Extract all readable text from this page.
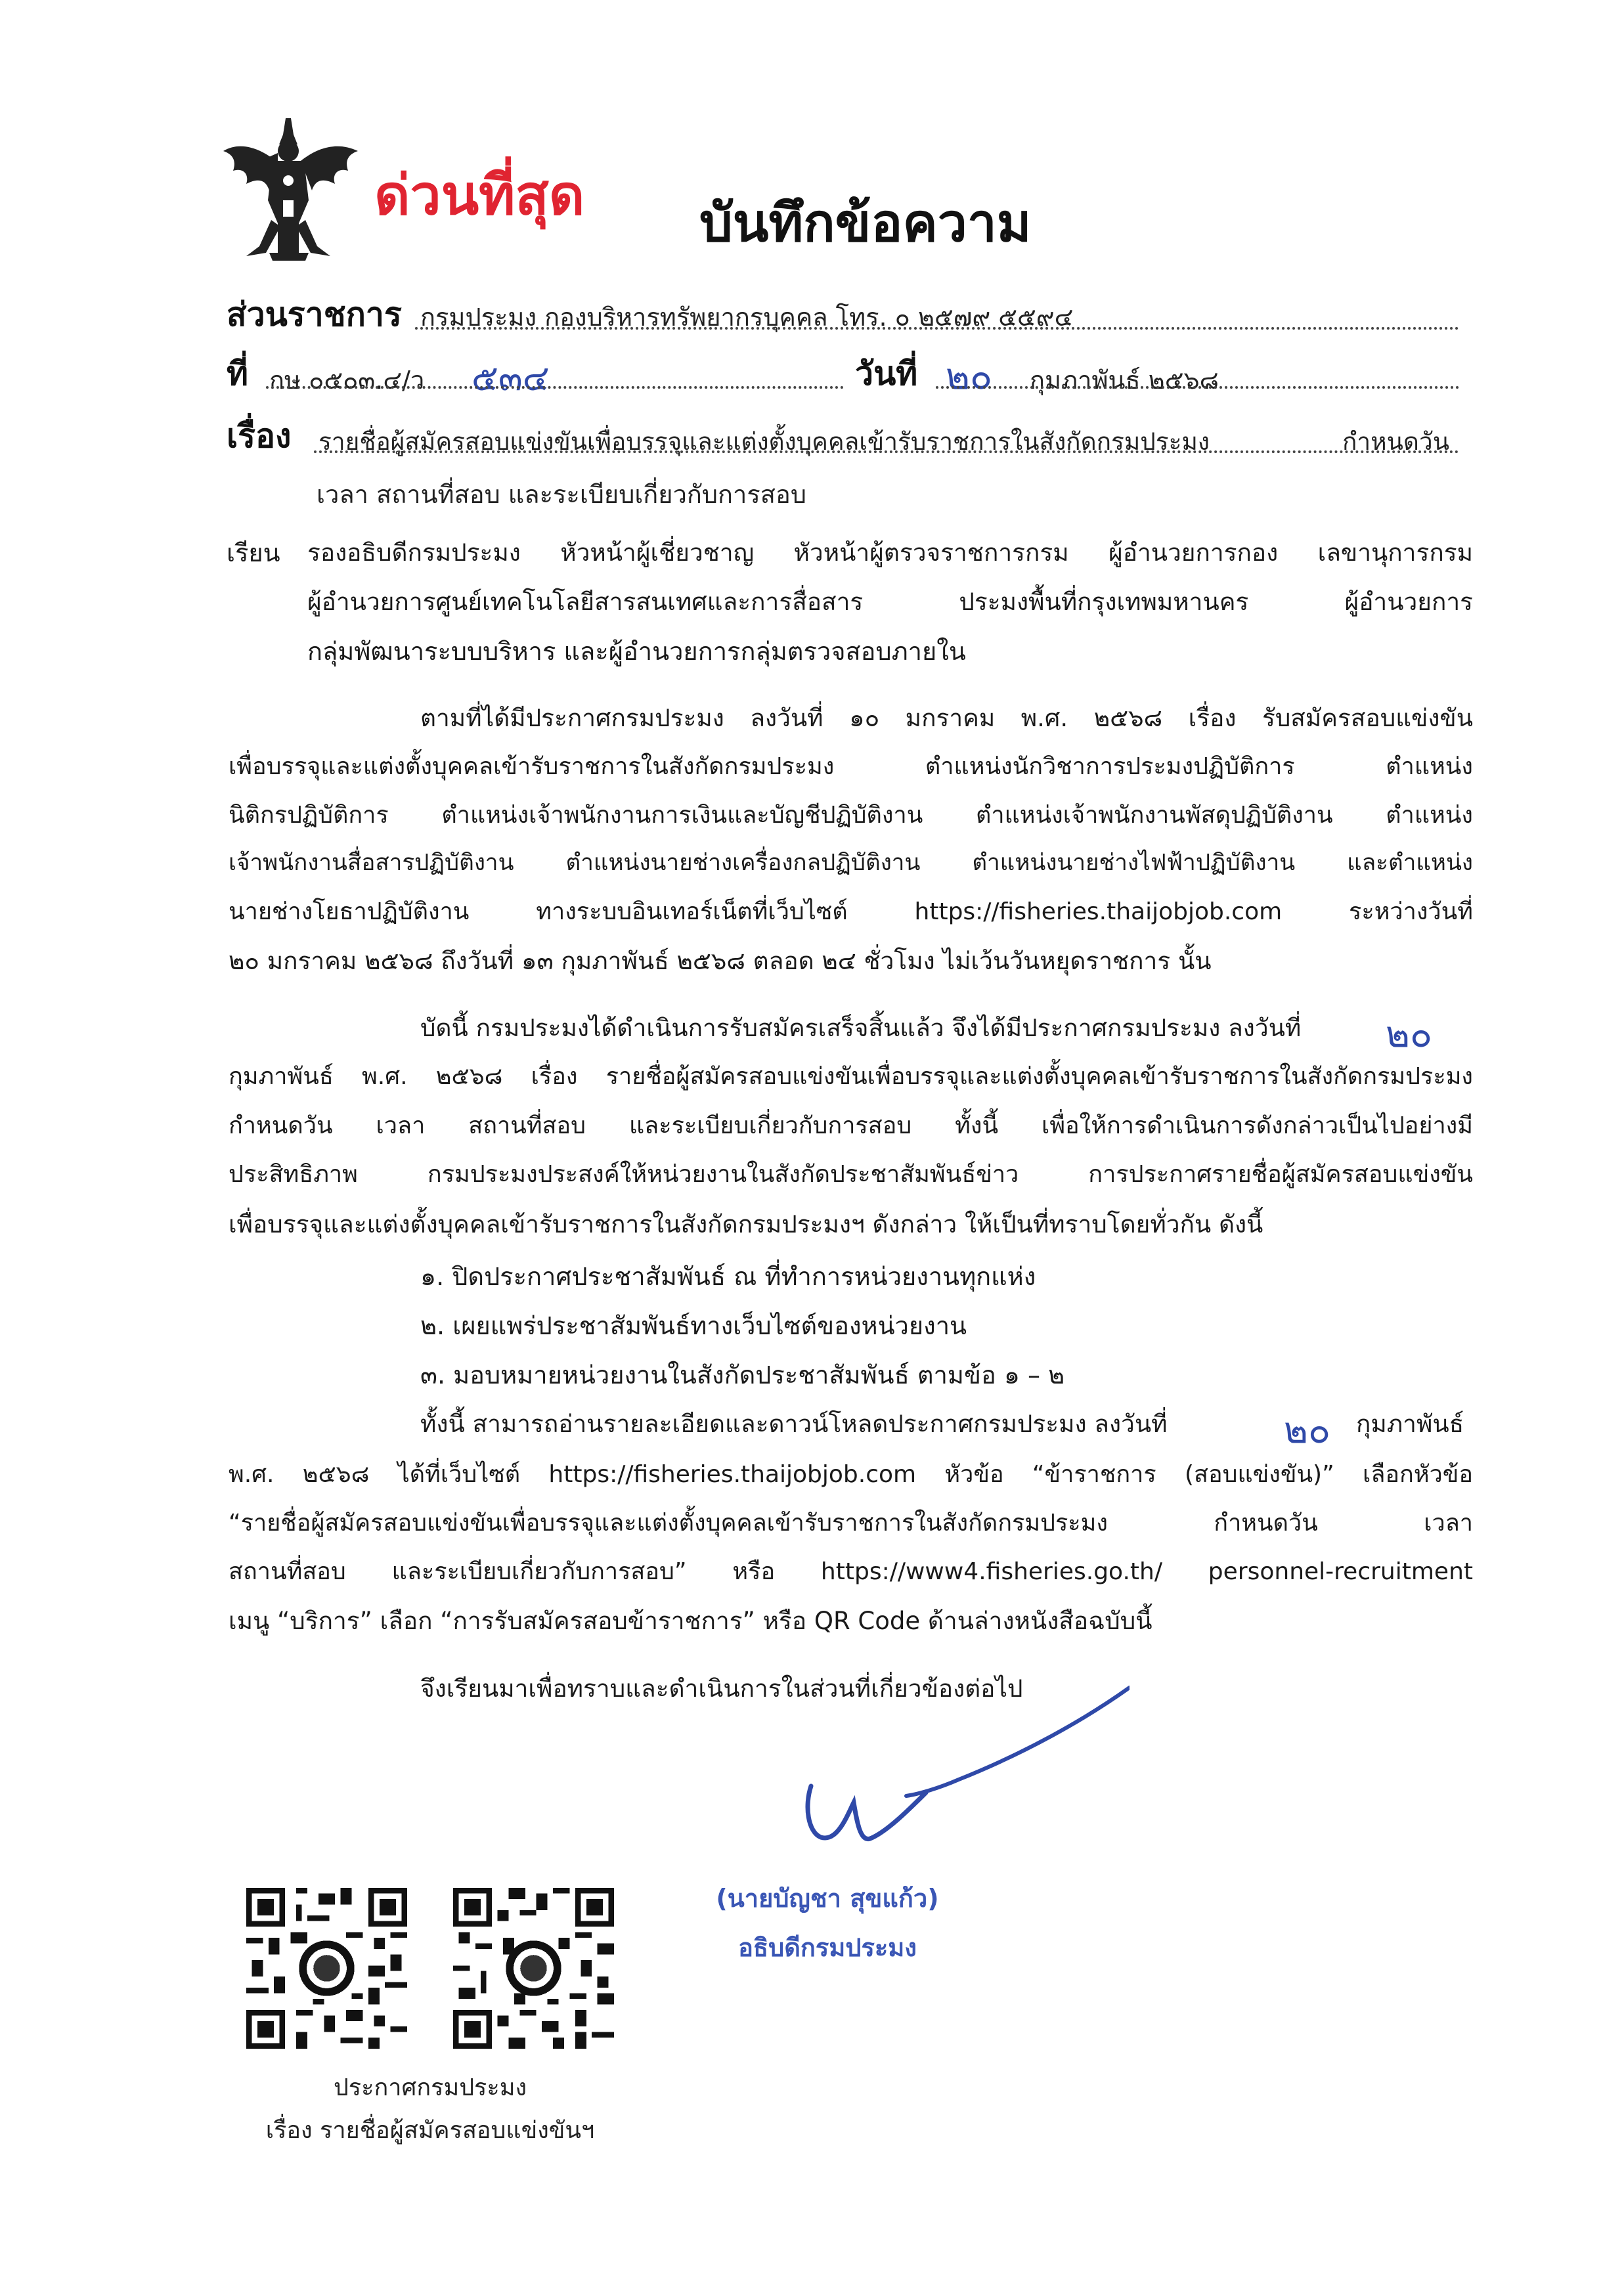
ด่วนที่สุด บันทึกข้อความ
ส่วนราชการ กรมประมง กองบริหารทรัพยากรบุคคล โทร. ๐ ๒๕๗๙ ๕๕๙๔
ที่ กษ ๐๕๐๓.๔/ว ๕๓๔	วันที่ ๒๐ กุมภาพันธ์ ๒๕๖๘
เรื่อง รายชื่อผู้สมัครสอบแข่งขันเพื่อบรรจุและแต่งตั้งบุคคลเข้ารับราชการในสังกัดกรมประมง กำหนดวัน
เวลา สถานที่สอบ และระเบียบเกี่ยวกับการสอบ
เรียน รองอธิบดีกรมประมง หัวหน้าผู้เชี่ยวชาญ หัวหน้าผู้ตรวจราชการกรม ผู้อำนวยการกอง เลขานุการกรม
ผู้อำนวยการศูนย์เทคโนโลยีสารสนเทศและการสื่อสาร ประมงพื้นที่กรุงเทพมหานคร ผู้อำนวยการ
กลุ่มพัฒนาระบบบริหาร และผู้อำนวยการกลุ่มตรวจสอบภายใน
ตามที่ได้มีประกาศกรมประมง ลงวันที่ ๑๐ มกราคม พ.ศ. ๒๕๖๘ เรื่อง รับสมัครสอบแข่งขัน
เพื่อบรรจุและแต่งตั้งบุคคลเข้ารับราชการในสังกัดกรมประมง ตำแหน่งนักวิชาการประมงปฏิบัติการ ตำแหน่ง
นิติกรปฏิบัติการ ตำแหน่งเจ้าพนักงานการเงินและบัญชีปฏิบัติงาน ตำแหน่งเจ้าพนักงานพัสดุปฏิบัติงาน ตำแหน่ง
เจ้าพนักงานสื่อสารปฏิบัติงาน ตำแหน่งนายช่างเครื่องกลปฏิบัติงาน ตำแหน่งนายช่างไฟฟ้าปฏิบัติงาน และตำแหน่ง
นายช่างโยธาปฏิบัติงาน ทางระบบอินเทอร์เน็ตที่เว็บไซต์ https://fisheries.thaijobjob.com ระหว่างวันที่
๒๐ มกราคม ๒๕๖๘ ถึงวันที่ ๑๓ กุมภาพันธ์ ๒๕๖๘ ตลอด ๒๔ ชั่วโมง ไม่เว้นวันหยุดราชการ นั้น
บัดนี้ กรมประมงได้ดำเนินการรับสมัครเสร็จสิ้นแล้ว จึงได้มีประกาศกรมประมง ลงวันที่ ๒๐
กุมภาพันธ์ พ.ศ. ๒๕๖๘ เรื่อง รายชื่อผู้สมัครสอบแข่งขันเพื่อบรรจุและแต่งตั้งบุคคลเข้ารับราชการในสังกัดกรมประมง
กำหนดวัน เวลา สถานที่สอบ และระเบียบเกี่ยวกับการสอบ ทั้งนี้ เพื่อให้การดำเนินการดังกล่าวเป็นไปอย่างมี
ประสิทธิภาพ กรมประมงประสงค์ให้หน่วยงานในสังกัดประชาสัมพันธ์ข่าว การประกาศรายชื่อผู้สมัครสอบแข่งขัน
เพื่อบรรจุและแต่งตั้งบุคคลเข้ารับราชการในสังกัดกรมประมงฯ ดังกล่าว ให้เป็นที่ทราบโดยทั่วกัน ดังนี้
๑. ปิดประกาศประชาสัมพันธ์ ณ ที่ทำการหน่วยงานทุกแห่ง
๒. เผยแพร่ประชาสัมพันธ์ทางเว็บไซต์ของหน่วยงาน
๓. มอบหมายหน่วยงานในสังกัดประชาสัมพันธ์ ตามข้อ ๑ – ๒
ทั้งนี้ สามารถอ่านรายละเอียดและดาวน์โหลดประกาศกรมประมง ลงวันที่	๒๐ กุมภาพันธ์
พ.ศ. ๒๕๖๘ ได้ที่เว็บไซต์ https://fisheries.thaijobjob.com หัวข้อ “ข้าราชการ (สอบแข่งขัน)” เลือกหัวข้อ
“รายชื่อผู้สมัครสอบแข่งขันเพื่อบรรจุและแต่งตั้งบุคคลเข้ารับราชการในสังกัดกรมประมง กำหนดวัน เวลา
สถานที่สอบ และระเบียบเกี่ยวกับการสอบ” หรือ https://www4.fisheries.go.th/ personnel-recruitment
เมนู “บริการ” เลือก “การรับสมัครสอบข้าราชการ” หรือ QR Code ด้านล่างหนังสือฉบับนี้
จึงเรียนมาเพื่อทราบและดำเนินการในส่วนที่เกี่ยวข้องต่อไป
(นายบัญชา สุขแก้ว)
อธิบดีกรมประมง
ประกาศกรมประมง
เรื่อง รายชื่อผู้สมัครสอบแข่งขันฯ
